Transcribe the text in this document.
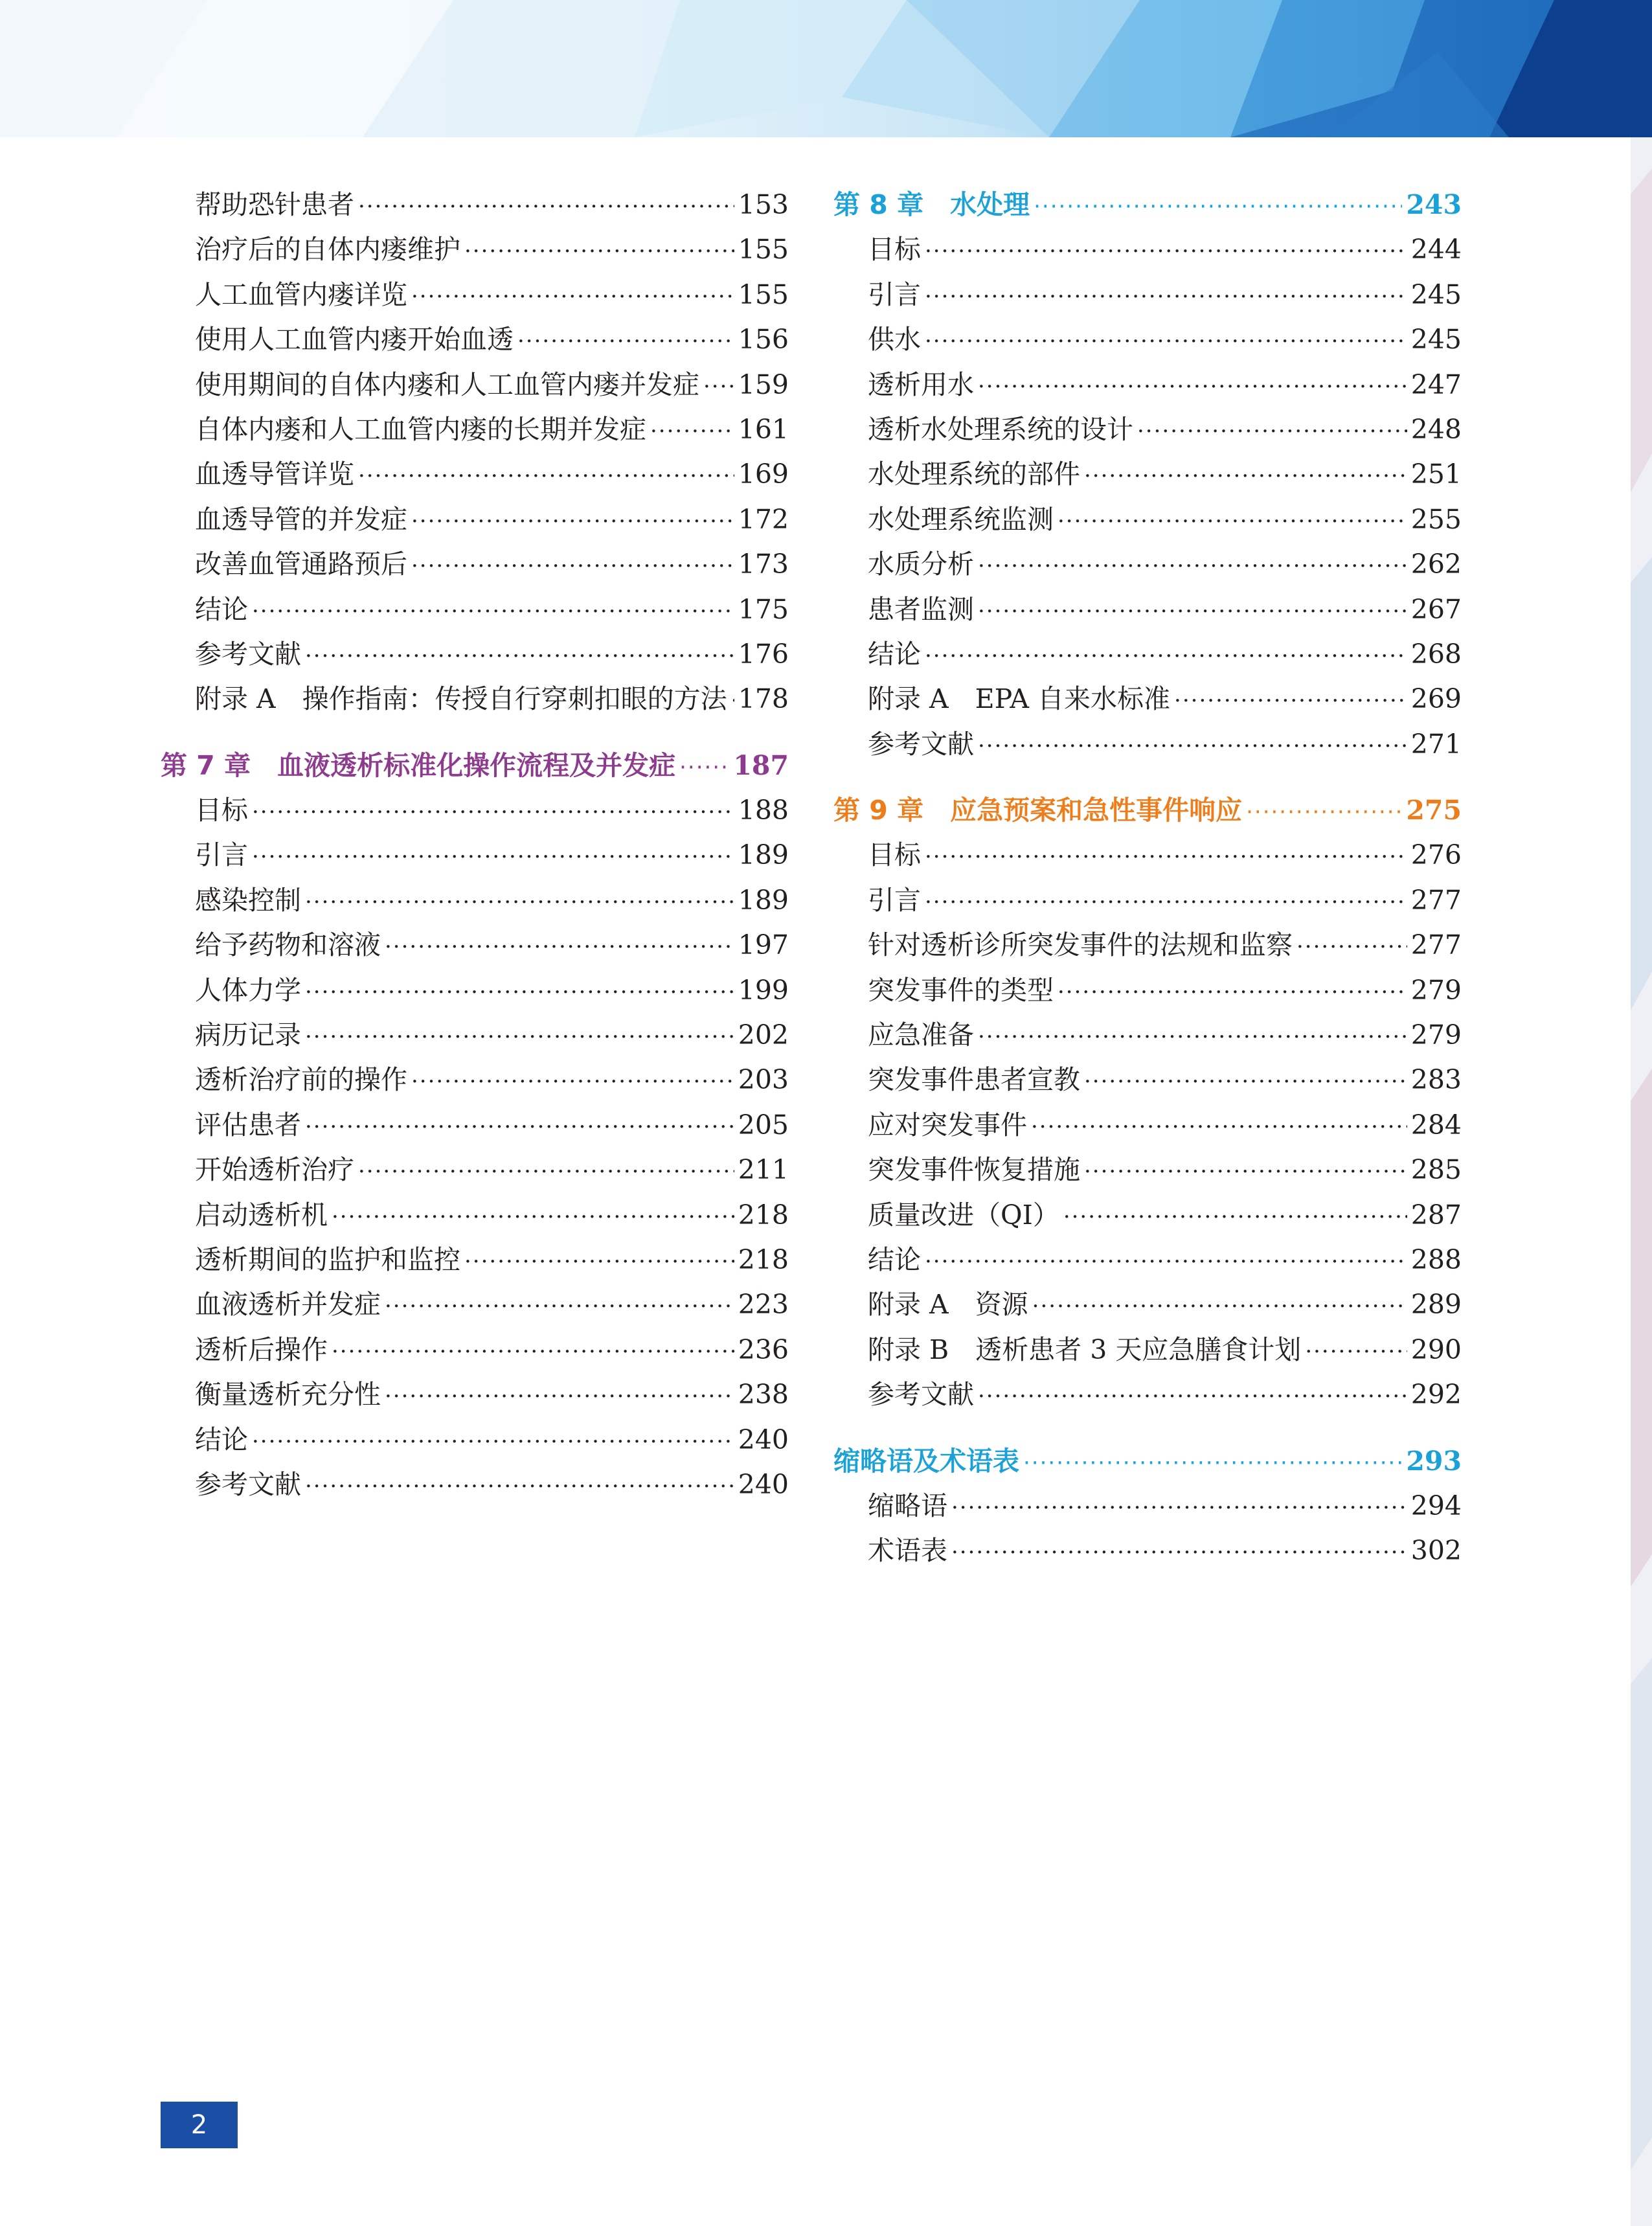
帮助恐针患者 ·····	153
治疗后的自体内瘘维护 ·····	155
人工血管内瘘详览 ·····	155
使用人工血管内瘘开始血透 ·····	156
使用期间的自体内瘘和人工血管内瘘并发症 ····· 159
自体内瘘和人工血管内瘘的长期并发症 ·····	161
血透导管详览 ·····	169
血透导管的并发症 ·····	172
改善血管通路预后 ·····	173
结论 ·····	175
参考文献 ·····	176
附录 A　操作指南：传授自行穿刺扣眼的方法 ····· 178
第 7 章　血液透析标准化操作流程及并发症 ····· 187
目标 ·····	188
引言 ·····	189
感染控制 ·····	189
给予药物和溶液 ·····	197
人体力学 ·····	199
病历记录 ·····	202
透析治疗前的操作 ·····	203
评估患者 ·····	205
开始透析治疗 ·····	211
启动透析机 ·····	218
透析期间的监护和监控 ·····	218
血液透析并发症 ·····	223
透析后操作 ·····	236
衡量透析充分性 ·····	238
结论 ·····	240
参考文献 ·····	240
第 8 章　水处理 ·····	243
目标 ·····	244
引言 ·····	245
供水 ·····	245
透析用水 ·····	247
透析水处理系统的设计 ·····	248
水处理系统的部件 ·····	251
水处理系统监测 ·····	255
水质分析 ·····	262
患者监测 ·····	267
结论 ·····	268
附录 A　EPA 自来水标准 ·····	269
参考文献 ·····	271
第 9 章　应急预案和急性事件响应 ·····	275
目标 ·····	276
引言 ·····	277
针对透析诊所突发事件的法规和监察 ·····	277
突发事件的类型 ·····	279
应急准备 ·····	279
突发事件患者宣教 ·····	283
应对突发事件 ·····	284
突发事件恢复措施 ·····	285
质量改进（QI） ·····	287
结论 ·····	288
附录 A　资源 ·····	289
附录 B　透析患者 3 天应急膳食计划 ·····	290
参考文献 ·····	292
缩略语及术语表 ·····	293
缩略语 ·····	294
术语表 ·····	302
2
